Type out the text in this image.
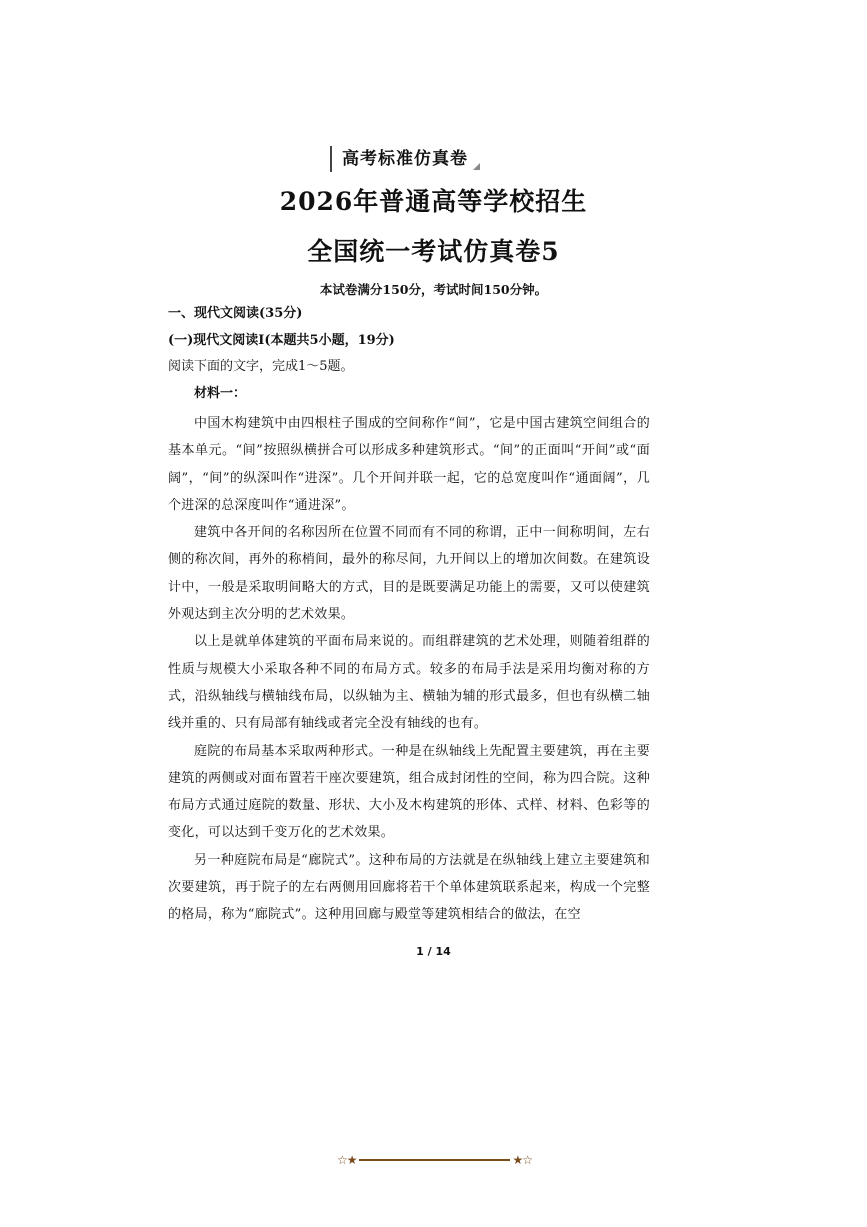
高考标准仿真卷
2026年普通高等学校招生
全国统一考试仿真卷5
本试卷满分150分，考试时间150分钟。
一、现代文阅读(35分)
(一)现代文阅读Ⅰ(本题共5小题，19分)
阅读下面的文字，完成1～5题。
材料一：

中国木构建筑中由四根柱子围成的空间称作“间”，它是中国古建筑空间组合的基本单元。“间”按照纵横拼合可以形成多种建筑形式。“间”的正面叫“开间”或“面阔”，“间”的纵深叫作“进深”。几个开间并联一起，它的总宽度叫作“通面阔”，几个进深的总深度叫作“通进深”。

建筑中各开间的名称因所在位置不同而有不同的称谓，正中一间称明间，左右侧的称次间，再外的称梢间，最外的称尽间，九开间以上的增加次间数。在建筑设计中，一般是采取明间略大的方式，目的是既要满足功能上的需要，又可以使建筑外观达到主次分明的艺术效果。

以上是就单体建筑的平面布局来说的。而组群建筑的艺术处理，则随着组群的性质与规模大小采取各种不同的布局方式。较多的布局手法是采用均衡对称的方式，沿纵轴线与横轴线布局，以纵轴为主、横轴为辅的形式最多，但也有纵横二轴线并重的、只有局部有轴线或者完全没有轴线的也有。

庭院的布局基本采取两种形式。一种是在纵轴线上先配置主要建筑，再在主要建筑的两侧或对面布置若干座次要建筑，组合成封闭性的空间，称为四合院。这种布局方式通过庭院的数量、形状、大小及木构建筑的形体、式样、材料、色彩等的变化，可以达到千变万化的艺术效果。

另一种庭院布局是“廊院式”。这种布局的方法就是在纵轴线上建立主要建筑和次要建筑，再于院子的左右两侧用回廊将若干个单体建筑联系起来，构成一个完整的格局，称为“廊院式”。这种用回廊与殿堂等建筑相结合的做法，在空

1 / 14
☆★	★☆
